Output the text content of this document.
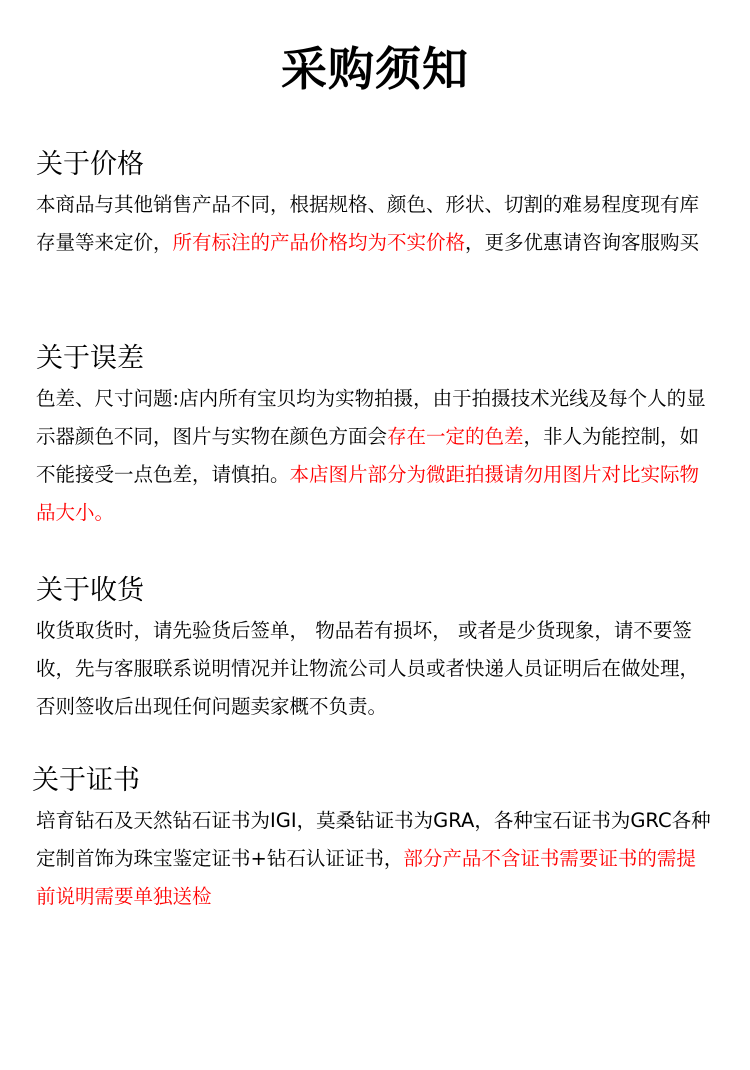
采购须知
关于价格

本商品与其他销售产品不同，根据规格、颜色、形状、切割的难易程度现有库存量等来定价，所有标注的产品价格均为不实价格，更多优惠请咨询客服购买

关于误差

色差、尺寸问题:店内所有宝贝均为实物拍摄，由于拍摄技术光线及每个人的显示器颜色不同，图片与实物在颜色方面会存在一定的色差，非人为能控制，如不能接受一点色差，请慎拍。本店图片部分为微距拍摄请勿用图片对比实际物品大小。

关于收货

收货取货时，请先验货后签单， 物品若有损坏， 或者是少货现象，请不要签收，先与客服联系说明情况并让物流公司人员或者快递人员证明后在做处理，否则签收后出现任何问题卖家概不负责。

关于证书

培育钻石及天然钻石证书为IGI，莫桑钻证书为GRA，各种宝石证书为GRC各种定制首饰为珠宝鉴定证书+钻石认证证书，部分产品不含证书需要证书的需提前说明需要单独送检
